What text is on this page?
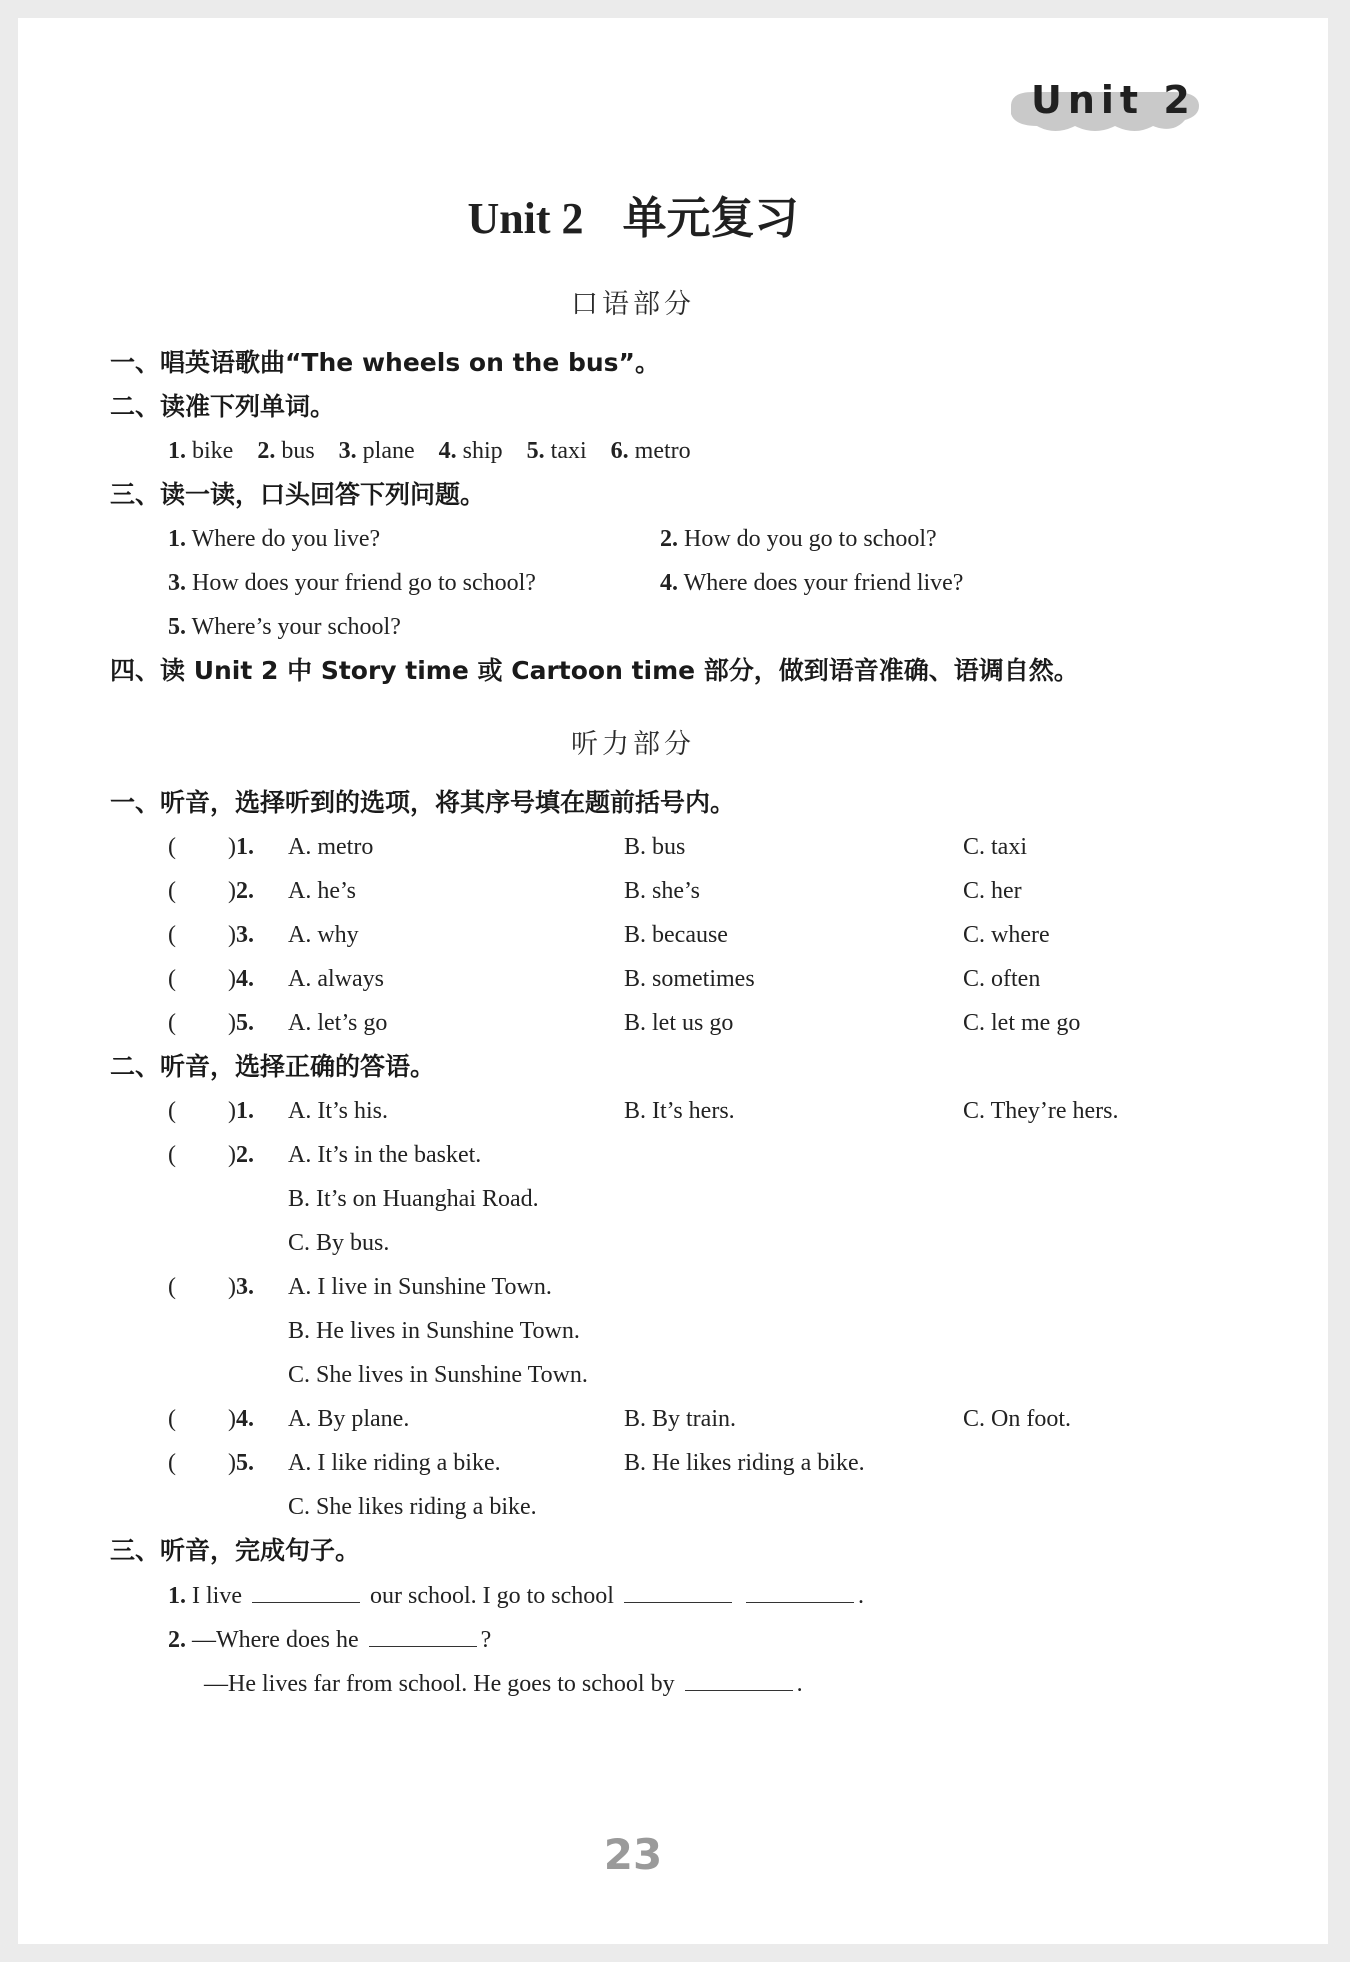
Unit 2
Unit 2 单元复习
口语部分
一、唱英语歌曲“The wheels on the bus”。
二、读准下列单词。
1. bike 2. bus 3. plane 4. ship 5. taxi 6. metro
三、读一读，口头回答下列问题。
1. Where do you live?	2. How do you go to school?
3. How does your friend go to school?	4. Where does your friend live?
5. Where’s your school?
四、读 Unit 2 中 Story time 或 Cartoon time 部分，做到语音准确、语调自然。
听力部分
一、听音，选择听到的选项，将其序号填在题前括号内。
( )1. A. metro	B. bus	C. taxi
( )2. A. he’s	B. she’s	C. her
( )3. A. why	B. because	C. where
( )4. A. always	B. sometimes	C. often
( )5. A. let’s go	B. let us go	C. let me go
二、听音，选择正确的答语。
( )1. A. It’s his.	B. It’s hers.	C. They’re hers.
( )2. A. It’s in the basket.
B. It’s on Huanghai Road.
C. By bus.
( )3. A. I live in Sunshine Town.
B. He lives in Sunshine Town.
C. She lives in Sunshine Town.
( )4. A. By plane.	B. By train.	C. On foot.
( )5. A. I like riding a bike.	B. He likes riding a bike.
C. She likes riding a bike.
三、听音，完成句子。
1. I live	our school. I go to school	.
2. —Where does he	?
—He lives far from school. He goes to school by	.
23
